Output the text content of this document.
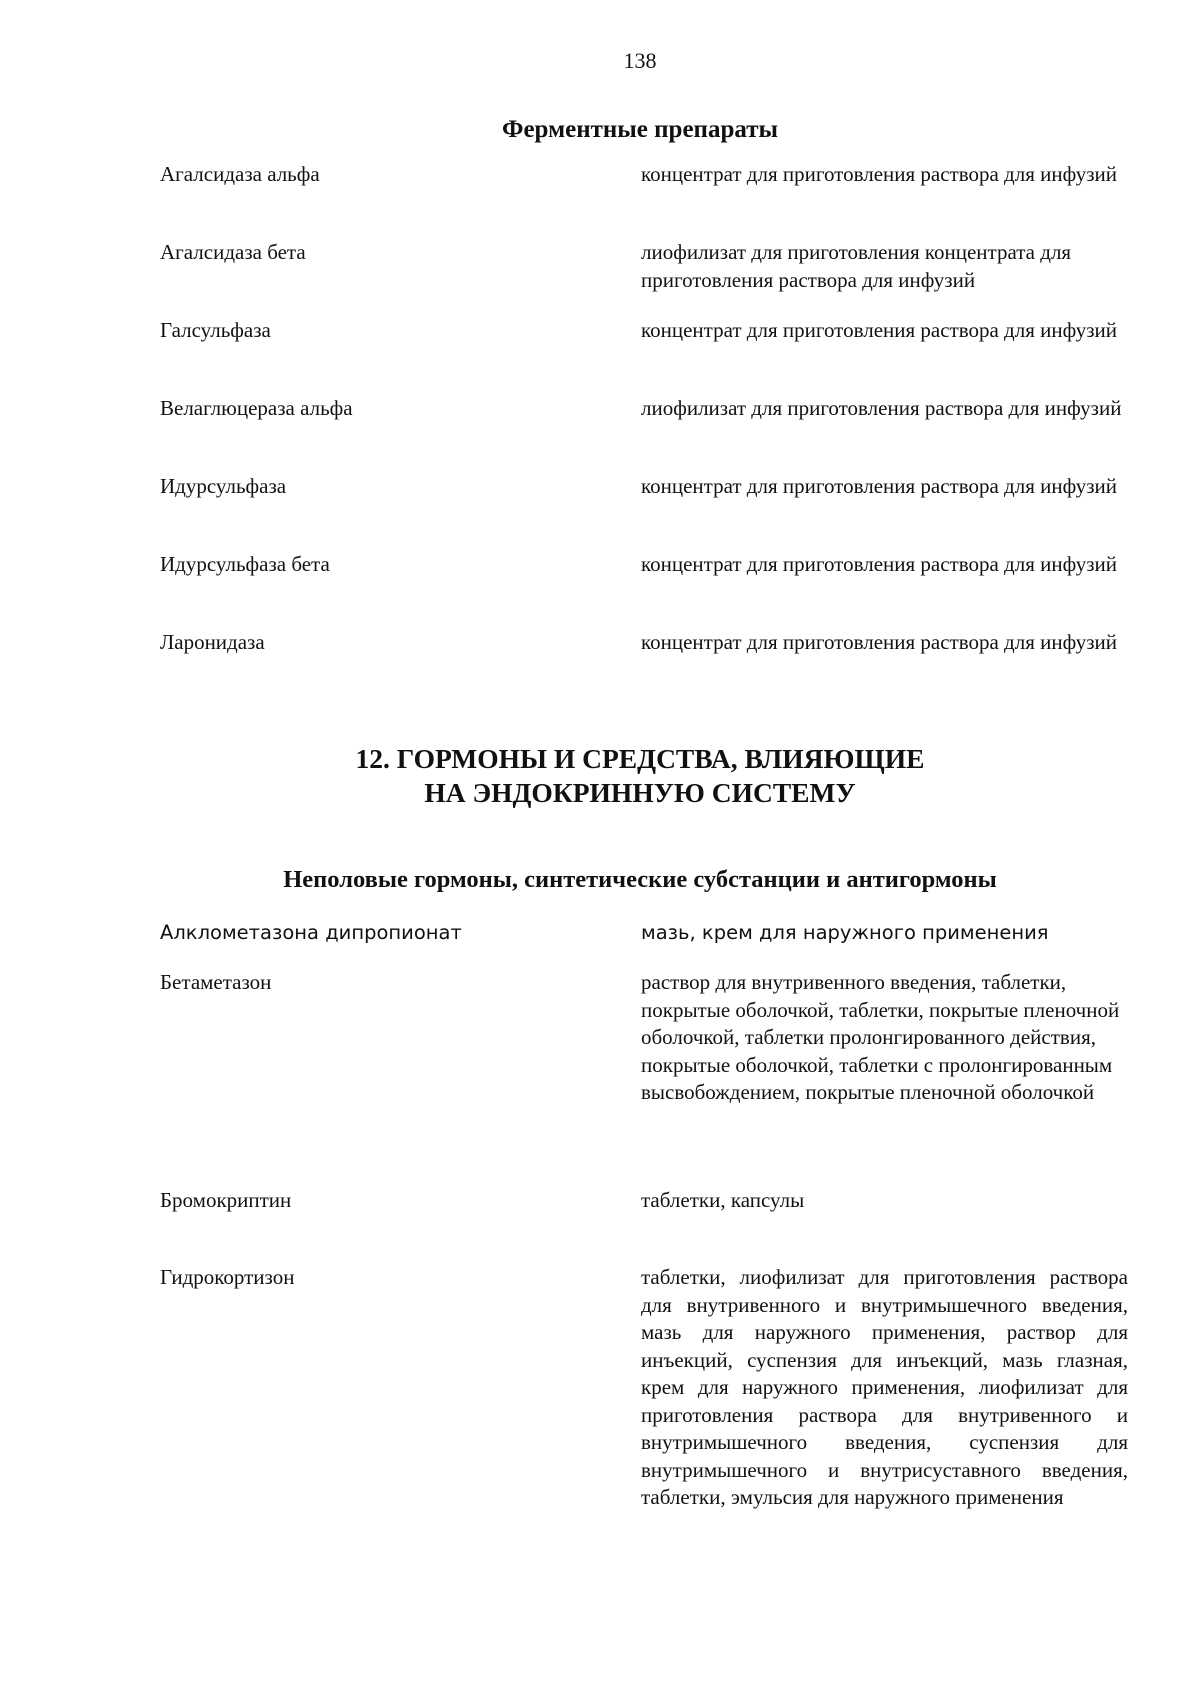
138
Ферментные препараты
Агалсидаза альфа	концентрат для приготовления раствора для инфузий
Агалсидаза бета	лиофилизат для приготовления концентрата для приготовления раствора для инфузий
Галсульфаза	концентрат для приготовления раствора для инфузий
Велаглюцераза альфа	лиофилизат для приготовления раствора для инфузий
Идурсульфаза	концентрат для приготовления раствора для инфузий
Идурсульфаза бета	концентрат для приготовления раствора для инфузий
Ларонидаза	концентрат для приготовления раствора для инфузий
12. ГОРМОНЫ И СРЕДСТВА, ВЛИЯЮЩИЕ
НА ЭНДОКРИННУЮ СИСТЕМУ
Неполовые гормоны, синтетические субстанции и антигормоны
Алклометазона дипропионат	мазь, крем для наружного применения
Бетаметазон	раствор для внутривенного введения, таблетки, покрытые оболочкой, таблетки, покрытые пленочной оболочкой, таблетки пролонгированного действия, покрытые оболочкой, таблетки с пролонгированным высвобождением, покрытые пленочной оболочкой
Бромокриптин	таблетки, капсулы
Гидрокортизон	таблетки, лиофилизат для приготовления раствора для внутривенного и внутримышечного введения, мазь для наружного применения, раствор для инъекций, суспензия для инъекций, мазь глазная, крем для наружного применения, лиофилизат для приготовления раствора для внутривенного и внутримышечного введения, суспензия для внутримышечного и внутрисуставного введения, таблетки, эмульсия для наружного применения
